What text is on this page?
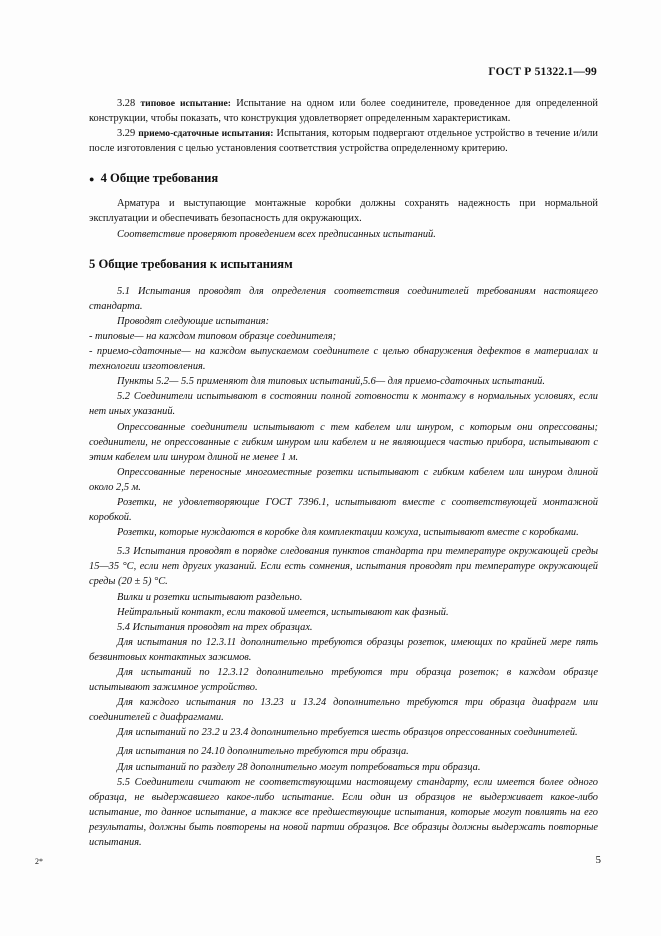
ГОСТ Р 51322.1—99

3.28 типовое испытание: Испытание на одном или более соединителе, проведенное для определенной конструкции, чтобы показать, что конструкция удовлетворяет определенным характеристикам.

3.29 приемо-сдаточные испытания: Испытания, которым подвергают отдельное устройство в течение и/или после изготовления с целью установления соответствия устройства определенному критерию.

● 4 Общие требования

Арматура и выступающие монтажные коробки должны сохранять надежность при нормальной эксплуатации и обеспечивать безопасность для окружающих.

Соответствие проверяют проведением всех предписанных испытаний.

5 Общие требования к испытаниям

5.1 Испытания проводят для определения соответствия соединителей требованиям настоящего стандарта.

Проводят следующие испытания:

- типовые— на каждом типовом образце соединителя;

- приемо-сдаточные— на каждом выпускаемом соединителе с целью обнаружения дефектов в материалах и технологии изготовления.

Пункты 5.2— 5.5 применяют для типовых испытаний,5.6— для приемо-сдаточных испытаний.

5.2 Соединители испытывают в состоянии полной готовности к монтажу в нормальных условиях, если нет иных указаний.

Опрессованные соединители испытывают с тем кабелем или шнуром, с которым они опрессованы; соединители, не опрессованные с гибким шнуром или кабелем и не являющиеся частью прибора, испытывают с этим кабелем или шнуром длиной не менее 1 м.

Опрессованные переносные многоместные розетки испытывают с гибким кабелем или шнуром длиной около 2,5 м.

Розетки, не удовлетворяющие ГОСТ 7396.1, испытывают вместе с соответствующей монтажной коробкой.

Розетки, которые нуждаются в коробке для комплектации кожуха, испытывают вместе с коробками.

5.3 Испытания проводят в порядке следования пунктов стандарта при температуре окружающей среды 15—35 °С, если нет других указаний. Если есть сомнения, испытания проводят при температуре окружающей среды (20 ± 5) °С.

Вилки и розетки испытывают раздельно.

Нейтральный контакт, если таковой имеется, испытывают как фазный.

5.4 Испытания проводят на трех образцах.

Для испытания по 12.3.11 дополнительно требуются образцы розеток, имеющих по крайней мере пять безвинтовых контактных зажимов.

Для испытаний по 12.3.12 дополнительно требуются три образца розеток; в каждом образце испытывают зажимное устройство.

Для каждого испытания по 13.23 и 13.24 дополнительно требуются три образца диафрагм или соединителей с диафрагмами.

Для испытаний по 23.2 и 23.4 дополнительно требуется шесть образцов опрессованных соединителей.

Для испытания по 24.10 дополнительно требуются три образца.

Для испытаний по разделу 28 дополнительно могут потребоваться три образца.

5.5 Соединители считают не соответствующими настоящему стандарту, если имеется более одного образца, не выдержавшего какое-либо испытание. Если один из образцов не выдерживает какое-либо испытание, то данное испытание, а также все предшествующие испытания, которые могут повлиять на его результаты, должны быть повторены на новой партии образцов. Все образцы должны выдержать повторные испытания.

2*	5
